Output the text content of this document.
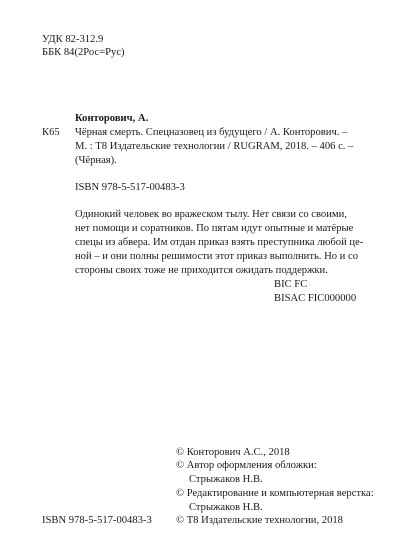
УДК 82-312.9
ББК 84(2Рос=Рус)
К65
Конторович, А.
Чёрная смерть. Спецназовец из будущего / А. Конторович. –
М. : Т8 Издательские технологии / RUGRAM, 2018. – 406 с. –
(Чёрная).
ISBN 978-5-517-00483-3
Одинокий человек во вражеском тылу. Нет связи со своими,
нет помощи и соратников. По пятам идут опытные и матёрые
спецы из абвера. Им отдан приказ взять преступника любой це-
ной – и они полны решимости этот приказ выполнить. Но и со
стороны своих тоже не приходится ожидать поддержки.
BIC FC
BISAC FIC000000
© Конторович А.С., 2018
© Автор оформления обложки:
Стрыжаков Н.В.
© Редактирование и компьютерная верстка:
Стрыжаков Н.В.
© Т8 Издательские технологии, 2018
ISBN 978-5-517-00483-3
